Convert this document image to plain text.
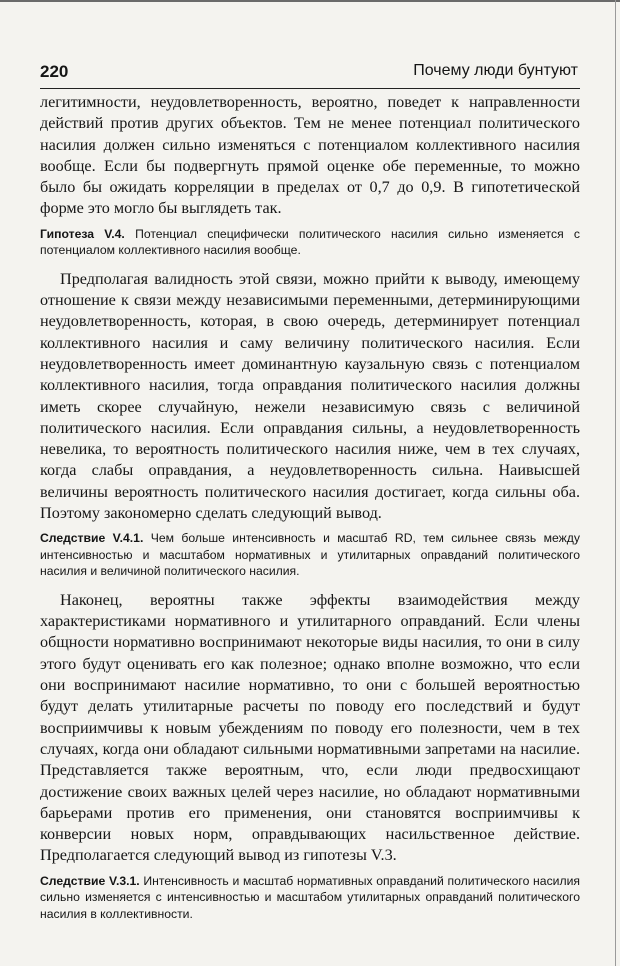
220	Почему люди бунтуют

легитимности, неудовлетворенность, вероятно, поведет к направленности действий против других объектов. Тем не менее потенциал политического насилия должен сильно изменяться с потенциалом коллективного насилия вообще. Если бы подвергнуть прямой оценке обе переменные, то можно было бы ожидать корреляции в пределах от 0,7 до 0,9. В гипотетической форме это могло бы выглядеть так.

Гипотеза V.4. Потенциал специфически политического насилия сильно изменяется с потенциалом коллективного насилия вообще.

Предполагая валидность этой связи, можно прийти к выводу, имеющему отношение к связи между независимыми переменными, детерминирующими неудовлетворенность, которая, в свою очередь, детерминирует потенциал коллективного насилия и саму величину политического насилия. Если неудовлетворенность имеет доминантную каузальную связь с потенциалом коллективного насилия, тогда оправдания политического насилия должны иметь скорее случайную, нежели независимую связь с величиной политического насилия. Если оправдания сильны, а неудовлетворенность невелика, то вероятность политического насилия ниже, чем в тех случаях, когда слабы оправдания, а неудовлетворенность сильна. Наивысшей величины вероятность политического насилия достигает, когда сильны оба. Поэтому закономерно сделать следующий вывод.

Следствие V.4.1. Чем больше интенсивность и масштаб RD, тем сильнее связь между интенсивностью и масштабом нормативных и утилитарных оправданий политического насилия и величиной политического насилия.

Наконец, вероятны также эффекты взаимодействия между характеристиками нормативного и утилитарного оправданий. Если члены общности нормативно воспринимают некоторые виды насилия, то они в силу этого будут оценивать его как полезное; однако вполне возможно, что если они воспринимают насилие нормативно, то они с большей вероятностью будут делать утилитарные расчеты по поводу его последствий и будут восприимчивы к новым убеждениям по поводу его полезности, чем в тех случаях, когда они обладают сильными нормативными запретами на насилие. Представляется также вероятным, что, если люди предвосхищают достижение своих важных целей через насилие, но обладают нормативными барьерами против его применения, они становятся восприимчивы к конверсии новых норм, оправдывающих насильственное действие. Предполагается следующий вывод из гипотезы V.3.

Следствие V.3.1. Интенсивность и масштаб нормативных оправданий политического насилия сильно изменяется с интенсивностью и масштабом утилитарных оправданий политического насилия в коллективности.
